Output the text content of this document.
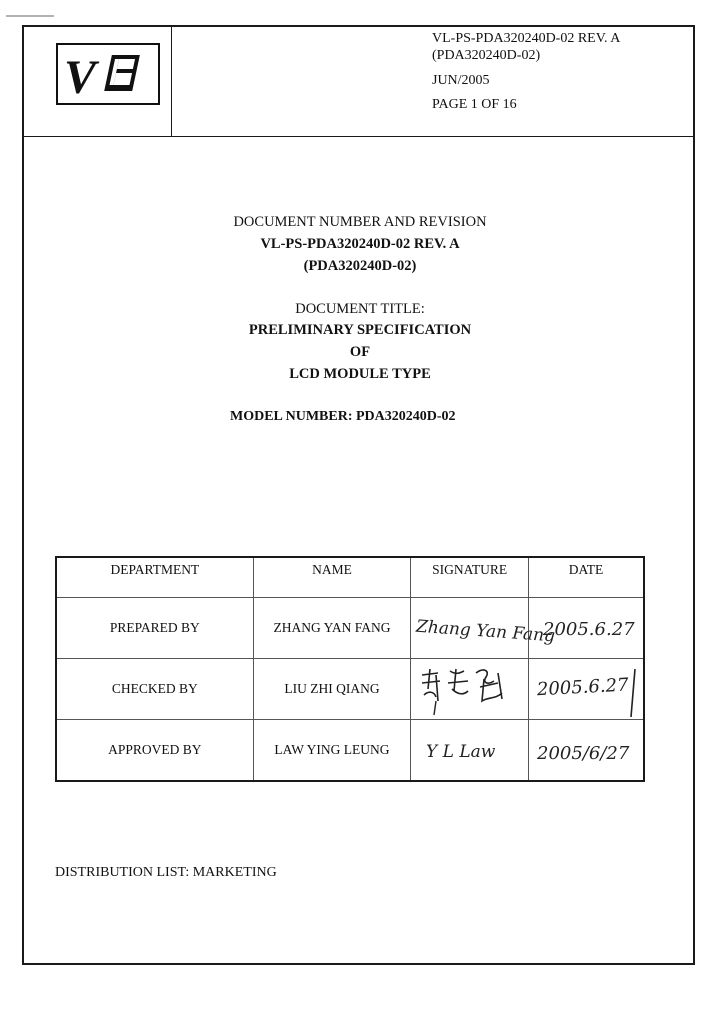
V
VL-PS-PDA320240D-02 REV. A
(PDA320240D-02)
JUN/2005
PAGE 1 OF 16
DOCUMENT NUMBER AND REVISION
VL-PS-PDA320240D-02 REV. A
(PDA320240D-02)
DOCUMENT TITLE:
PRELIMINARY SPECIFICATION
OF
LCD MODULE TYPE
MODEL NUMBER: PDA320240D-02
DEPARTMENT	NAME	SIGNATURE	DATE
PREPARED BY	ZHANG YAN FANG	Zhang Yan Fang	2005.6.27

CHECKED BY	LIU ZHI QIANG		2005.6.27

APPROVED BY	LAW YING LEUNG	Y L Law	2005/6/27
DISTRIBUTION LIST: MARKETING
